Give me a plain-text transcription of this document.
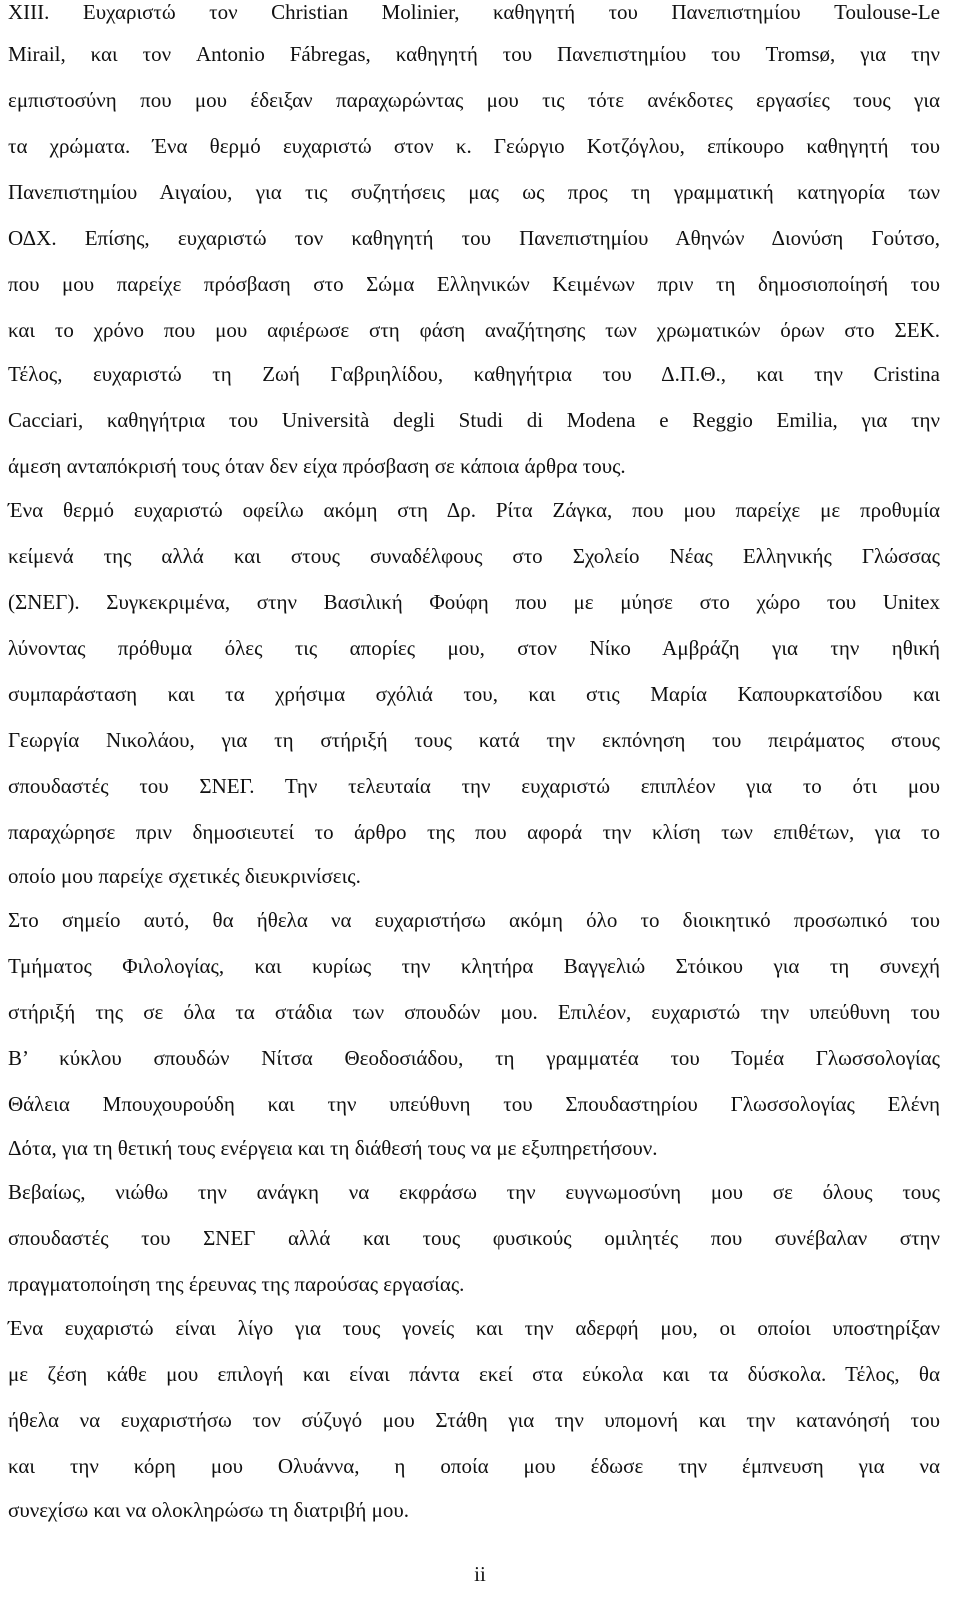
XIII. Ευχαριστώ τον Christian Molinier, καθηγητή του Πανεπιστημίου Toulouse-Le
Mirail, και τον Antonio Fábregas, καθηγητή του Πανεπιστημίου του Tromsø, για την
εμπιστοσύνη που μου έδειξαν παραχωρώντας μου τις τότε ανέκδοτες εργασίες τους για
τα χρώματα. Ένα θερμό ευχαριστώ στον κ. Γεώργιο Κοτζόγλου, επίκουρο καθηγητή του
Πανεπιστημίου Αιγαίου, για τις συζητήσεις μας ως προς τη γραμματική κατηγορία των
ΟΔΧ. Επίσης, ευχαριστώ τον καθηγητή του Πανεπιστημίου Αθηνών Διονύση Γούτσο,
που μου παρείχε πρόσβαση στο Σώμα Ελληνικών Κειμένων πριν τη δημοσιοποίησή του
και το χρόνο που μου αφιέρωσε στη φάση αναζήτησης των χρωματικών όρων στο ΣΕΚ.
Τέλος, ευχαριστώ τη Ζωή Γαβριηλίδου, καθηγήτρια του Δ.Π.Θ., και την Cristina
Cacciari, καθηγήτρια του Università degli Studi di Modena e Reggio Emilia, για την
άμεση ανταπόκρισή τους όταν δεν είχα πρόσβαση σε κάποια άρθρα τους.
Ένα θερμό ευχαριστώ οφείλω ακόμη στη Δρ. Ρίτα Ζάγκα, που μου παρείχε με προθυμία
κείμενά της αλλά και στους συναδέλφους στο Σχολείο Νέας Ελληνικής Γλώσσας
(ΣΝΕΓ). Συγκεκριμένα, στην Βασιλική Φούφη που με μύησε στο χώρο του Unitex
λύνοντας πρόθυμα όλες τις απορίες μου, στον Νίκο Αμβράζη για την ηθική
συμπαράσταση και τα χρήσιμα σχόλιά του, και στις Μαρία Καπουρκατσίδου και
Γεωργία Νικολάου, για τη στήριξή τους κατά την εκπόνηση του πειράματος στους
σπουδαστές του ΣΝΕΓ. Την τελευταία την ευχαριστώ επιπλέον για το ότι μου
παραχώρησε πριν δημοσιευτεί το άρθρο της που αφορά την κλίση των επιθέτων, για το
οποίο μου παρείχε σχετικές διευκρινίσεις.
Στο σημείο αυτό, θα ήθελα να ευχαριστήσω ακόμη όλο το διοικητικό προσωπικό του
Τμήματος Φιλολογίας, και κυρίως την κλητήρα Βαγγελιώ Στόικου για τη συνεχή
στήριξή της σε όλα τα στάδια των σπουδών μου. Επιλέον, ευχαριστώ την υπεύθυνη του
Β’ κύκλου σπουδών Νίτσα Θεοδοσιάδου, τη γραμματέα του Τομέα Γλωσσολογίας
Θάλεια Μπουχουρούδη και την υπεύθυνη του Σπουδαστηρίου Γλωσσολογίας Ελένη
Δότα, για τη θετική τους ενέργεια και τη διάθεσή τους να με εξυπηρετήσουν.
Βεβαίως, νιώθω την ανάγκη να εκφράσω την ευγνωμοσύνη μου σε όλους τους
σπουδαστές του ΣΝΕΓ αλλά και τους φυσικούς ομιλητές που συνέβαλαν στην
πραγματοποίηση της έρευνας της παρούσας εργασίας.
Ένα ευχαριστώ είναι λίγο για τους γονείς και την αδερφή μου, οι οποίοι υποστηρίξαν
με ζέση κάθε μου επιλογή και είναι πάντα εκεί στα εύκολα και τα δύσκολα. Τέλος, θα
ήθελα να ευχαριστήσω τον σύζυγό μου Στάθη για την υπομονή και την κατανόησή του
και την κόρη μου Ολυάννα, η οποία μου έδωσε την έμπνευση για να
συνεχίσω και να ολοκληρώσω τη διατριβή μου.
ii
